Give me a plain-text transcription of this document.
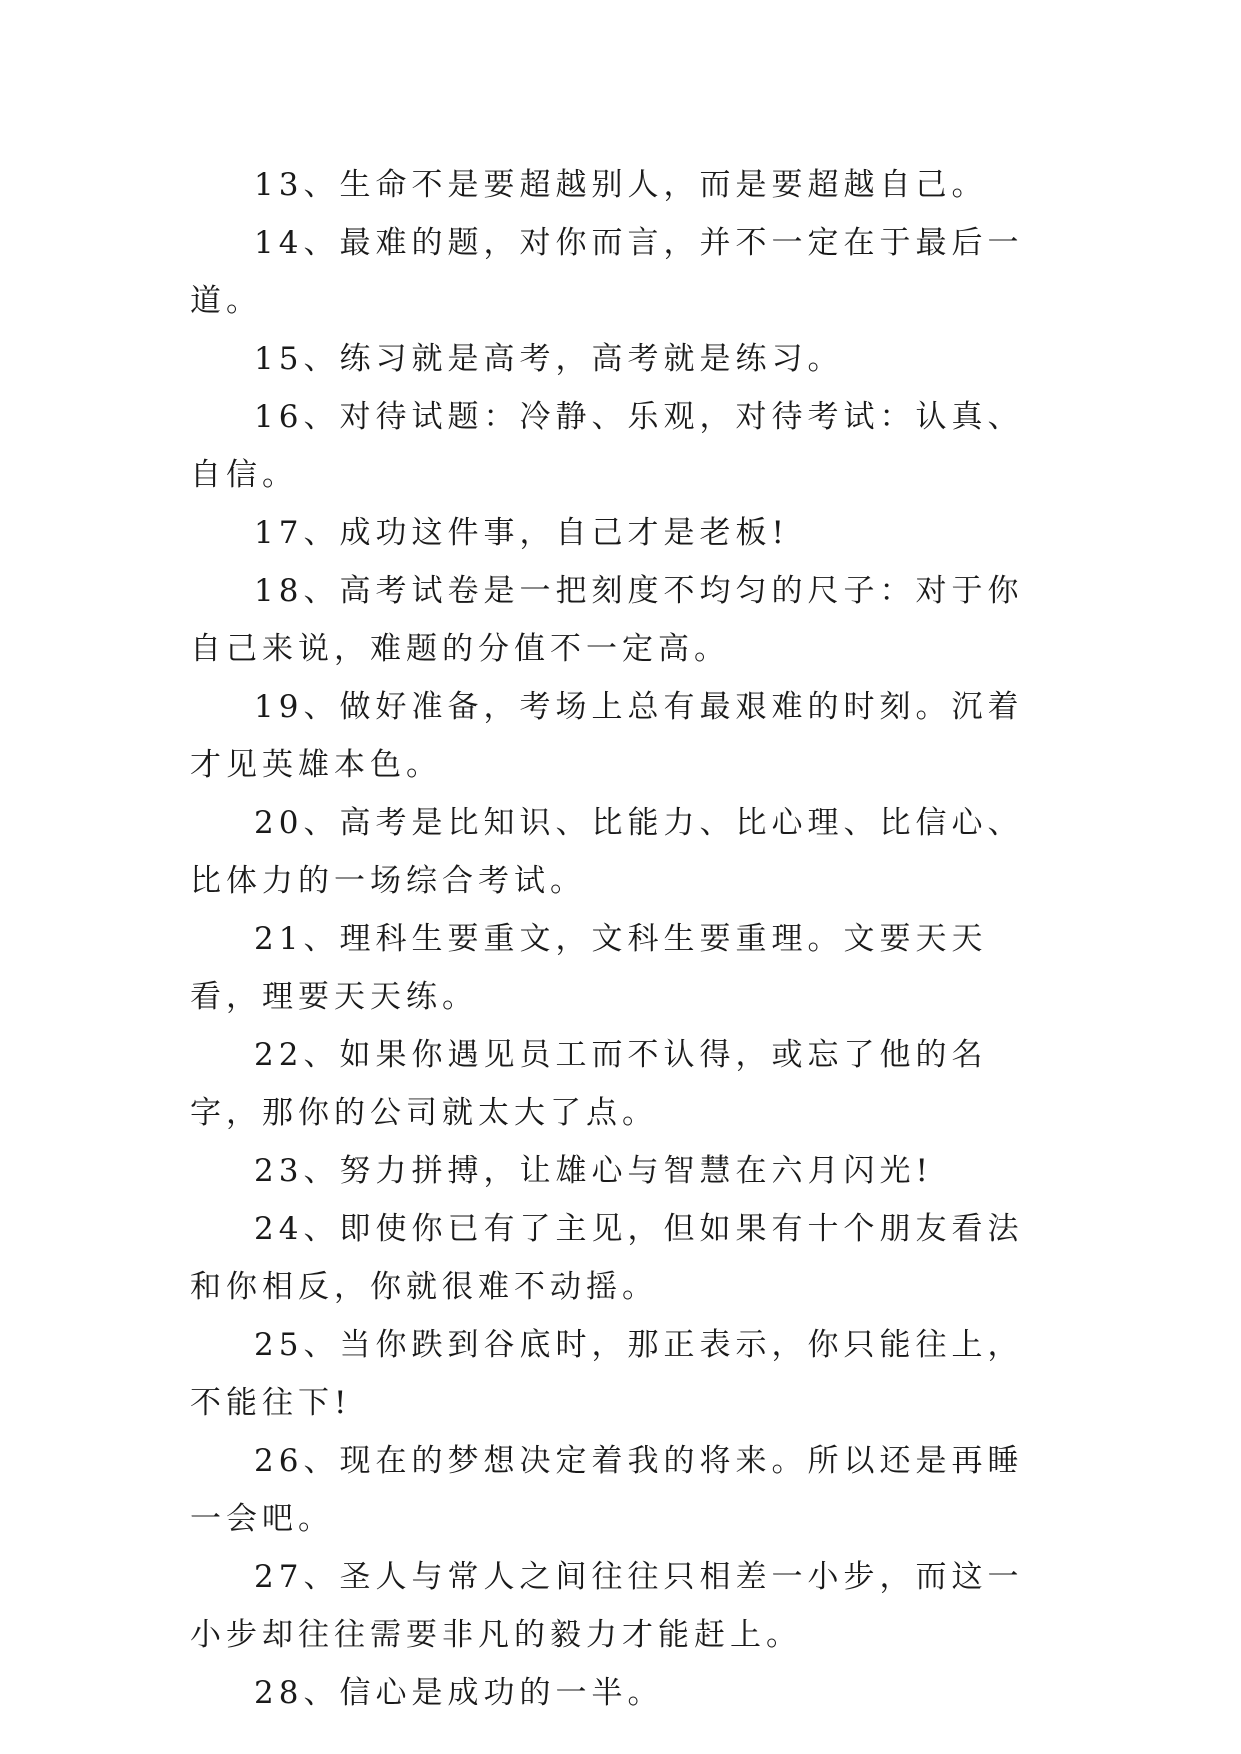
13、生命不是要超越别人，而是要超越自己。

14、最难的题，对你而言，并不一定在于最后一道。

15、练习就是高考，高考就是练习。

16、对待试题：冷静、乐观，对待考试：认真、自信。

17、成功这件事，自己才是老板!

18、高考试卷是一把刻度不均匀的尺子：对于你自己来说，难题的分值不一定高。

19、做好准备，考场上总有最艰难的时刻。沉着才见英雄本色。

20、高考是比知识、比能力、比心理、比信心、比体力的一场综合考试。

21、理科生要重文，文科生要重理。文要天天看，理要天天练。

22、如果你遇见员工而不认得，或忘了他的名字，那你的公司就太大了点。

23、努力拼搏，让雄心与智慧在六月闪光!

24、即使你已有了主见，但如果有十个朋友看法和你相反，你就很难不动摇。

25、当你跌到谷底时，那正表示，你只能往上，不能往下!

26、现在的梦想决定着我的将来。所以还是再睡一会吧。

27、圣人与常人之间往往只相差一小步，而这一小步却往往需要非凡的毅力才能赶上。

28、信心是成功的一半。
